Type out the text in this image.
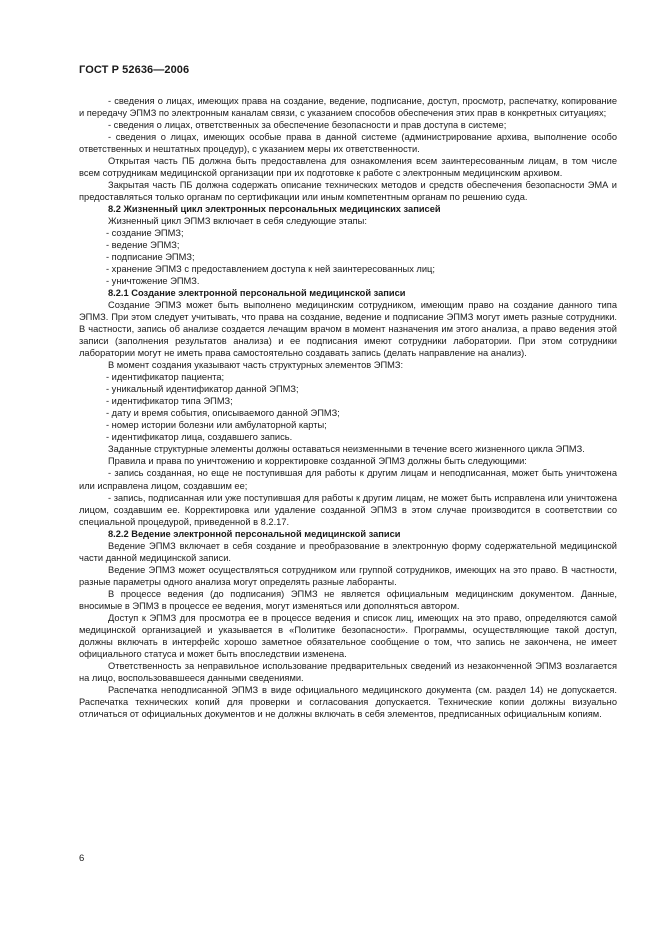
ГОСТ Р 52636—2006

- сведения о лицах, имеющих права на создание, ведение, подписание, доступ, просмотр, распечатку, копирование и передачу ЭПМЗ по электронным каналам связи, с указанием способов обеспечения этих прав в конкретных ситуациях;

- сведения о лицах, ответственных за обеспечение безопасности и прав доступа в системе;

- сведения о лицах, имеющих особые права в данной системе (администрирование архива, выполнение особо ответственных и нештатных процедур), с указанием меры их ответственности.

Открытая часть ПБ должна быть предоставлена для ознакомления всем заинтересованным лицам, в том числе всем сотрудникам медицинской организации при их подготовке к работе с электронным медицинским архивом.

Закрытая часть ПБ должна содержать описание технических методов и средств обеспечения безопасности ЭМА и предоставляться только органам по сертификации или иным компетентным органам по решению суда.

8.2 Жизненный цикл электронных персональных медицинских записей

Жизненный цикл ЭПМЗ включает в себя следующие этапы:

- создание ЭПМЗ;

- ведение ЭПМЗ;

- подписание ЭПМЗ;

- хранение ЭПМЗ с предоставлением доступа к ней заинтересованных лиц;

- уничтожение ЭПМЗ.

8.2.1 Создание электронной персональной медицинской записи

Создание ЭПМЗ может быть выполнено медицинским сотрудником, имеющим право на создание данного типа ЭПМЗ. При этом следует учитывать, что права на создание, ведение и подписание ЭПМЗ могут иметь разные сотрудники. В частности, запись об анализе создается лечащим врачом в момент назначения им этого анализа, а право ведения этой записи (заполнения результатов анализа) и ее подписания имеют сотрудники лаборатории. При этом сотрудники лаборатории могут не иметь права самостоятельно создавать запись (делать направление на анализ).

В момент создания указывают часть структурных элементов ЭПМЗ:

- идентификатор пациента;

- уникальный идентификатор данной ЭПМЗ;

- идентификатор типа ЭПМЗ;

- дату и время события, описываемого данной ЭПМЗ;

- номер истории болезни или амбулаторной карты;

- идентификатор лица, создавшего запись.

Заданные структурные элементы должны оставаться неизменными в течение всего жизненного цикла ЭПМЗ.

Правила и права по уничтожению и корректировке созданной ЭПМЗ должны быть следующими:

- запись созданная, но еще не поступившая для работы к другим лицам и неподписанная, может быть уничтожена или исправлена лицом, создавшим ее;

- запись, подписанная или уже поступившая для работы к другим лицам, не может быть исправлена или уничтожена лицом, создавшим ее. Корректировка или удаление созданной ЭПМЗ в этом случае производится в соответствии со специальной процедурой, приведенной в 8.2.17.

8.2.2 Ведение электронной персональной медицинской записи

Ведение ЭПМЗ включает в себя создание и преобразование в электронную форму содержательной медицинской части данной медицинской записи.

Ведение ЭПМЗ может осуществляться сотрудником или группой сотрудников, имеющих на это право. В частности, разные параметры одного анализа могут определять разные лаборанты.

В процессе ведения (до подписания) ЭПМЗ не является официальным медицинским документом. Данные, вносимые в ЭПМЗ в процессе ее ведения, могут изменяться или дополняться автором.

Доступ к ЭПМЗ для просмотра ее в процессе ведения и список лиц, имеющих на это право, определяются самой медицинской организацией и указывается в «Политике безопасности». Программы, осуществляющие такой доступ, должны включать в интерфейс хорошо заметное обязательное сообщение о том, что запись не закончена, не имеет официального статуса и может быть впоследствии изменена.

Ответственность за неправильное использование предварительных сведений из незаконченной ЭПМЗ возлагается на лицо, воспользовавшееся данными сведениями.

Распечатка неподписанной ЭПМЗ в виде официального медицинского документа (см. раздел 14) не допускается. Распечатка технических копий для проверки и согласования допускается. Технические копии должны визуально отличаться от официальных документов и не должны включать в себя элементов, предписанных официальным копиям.

6
